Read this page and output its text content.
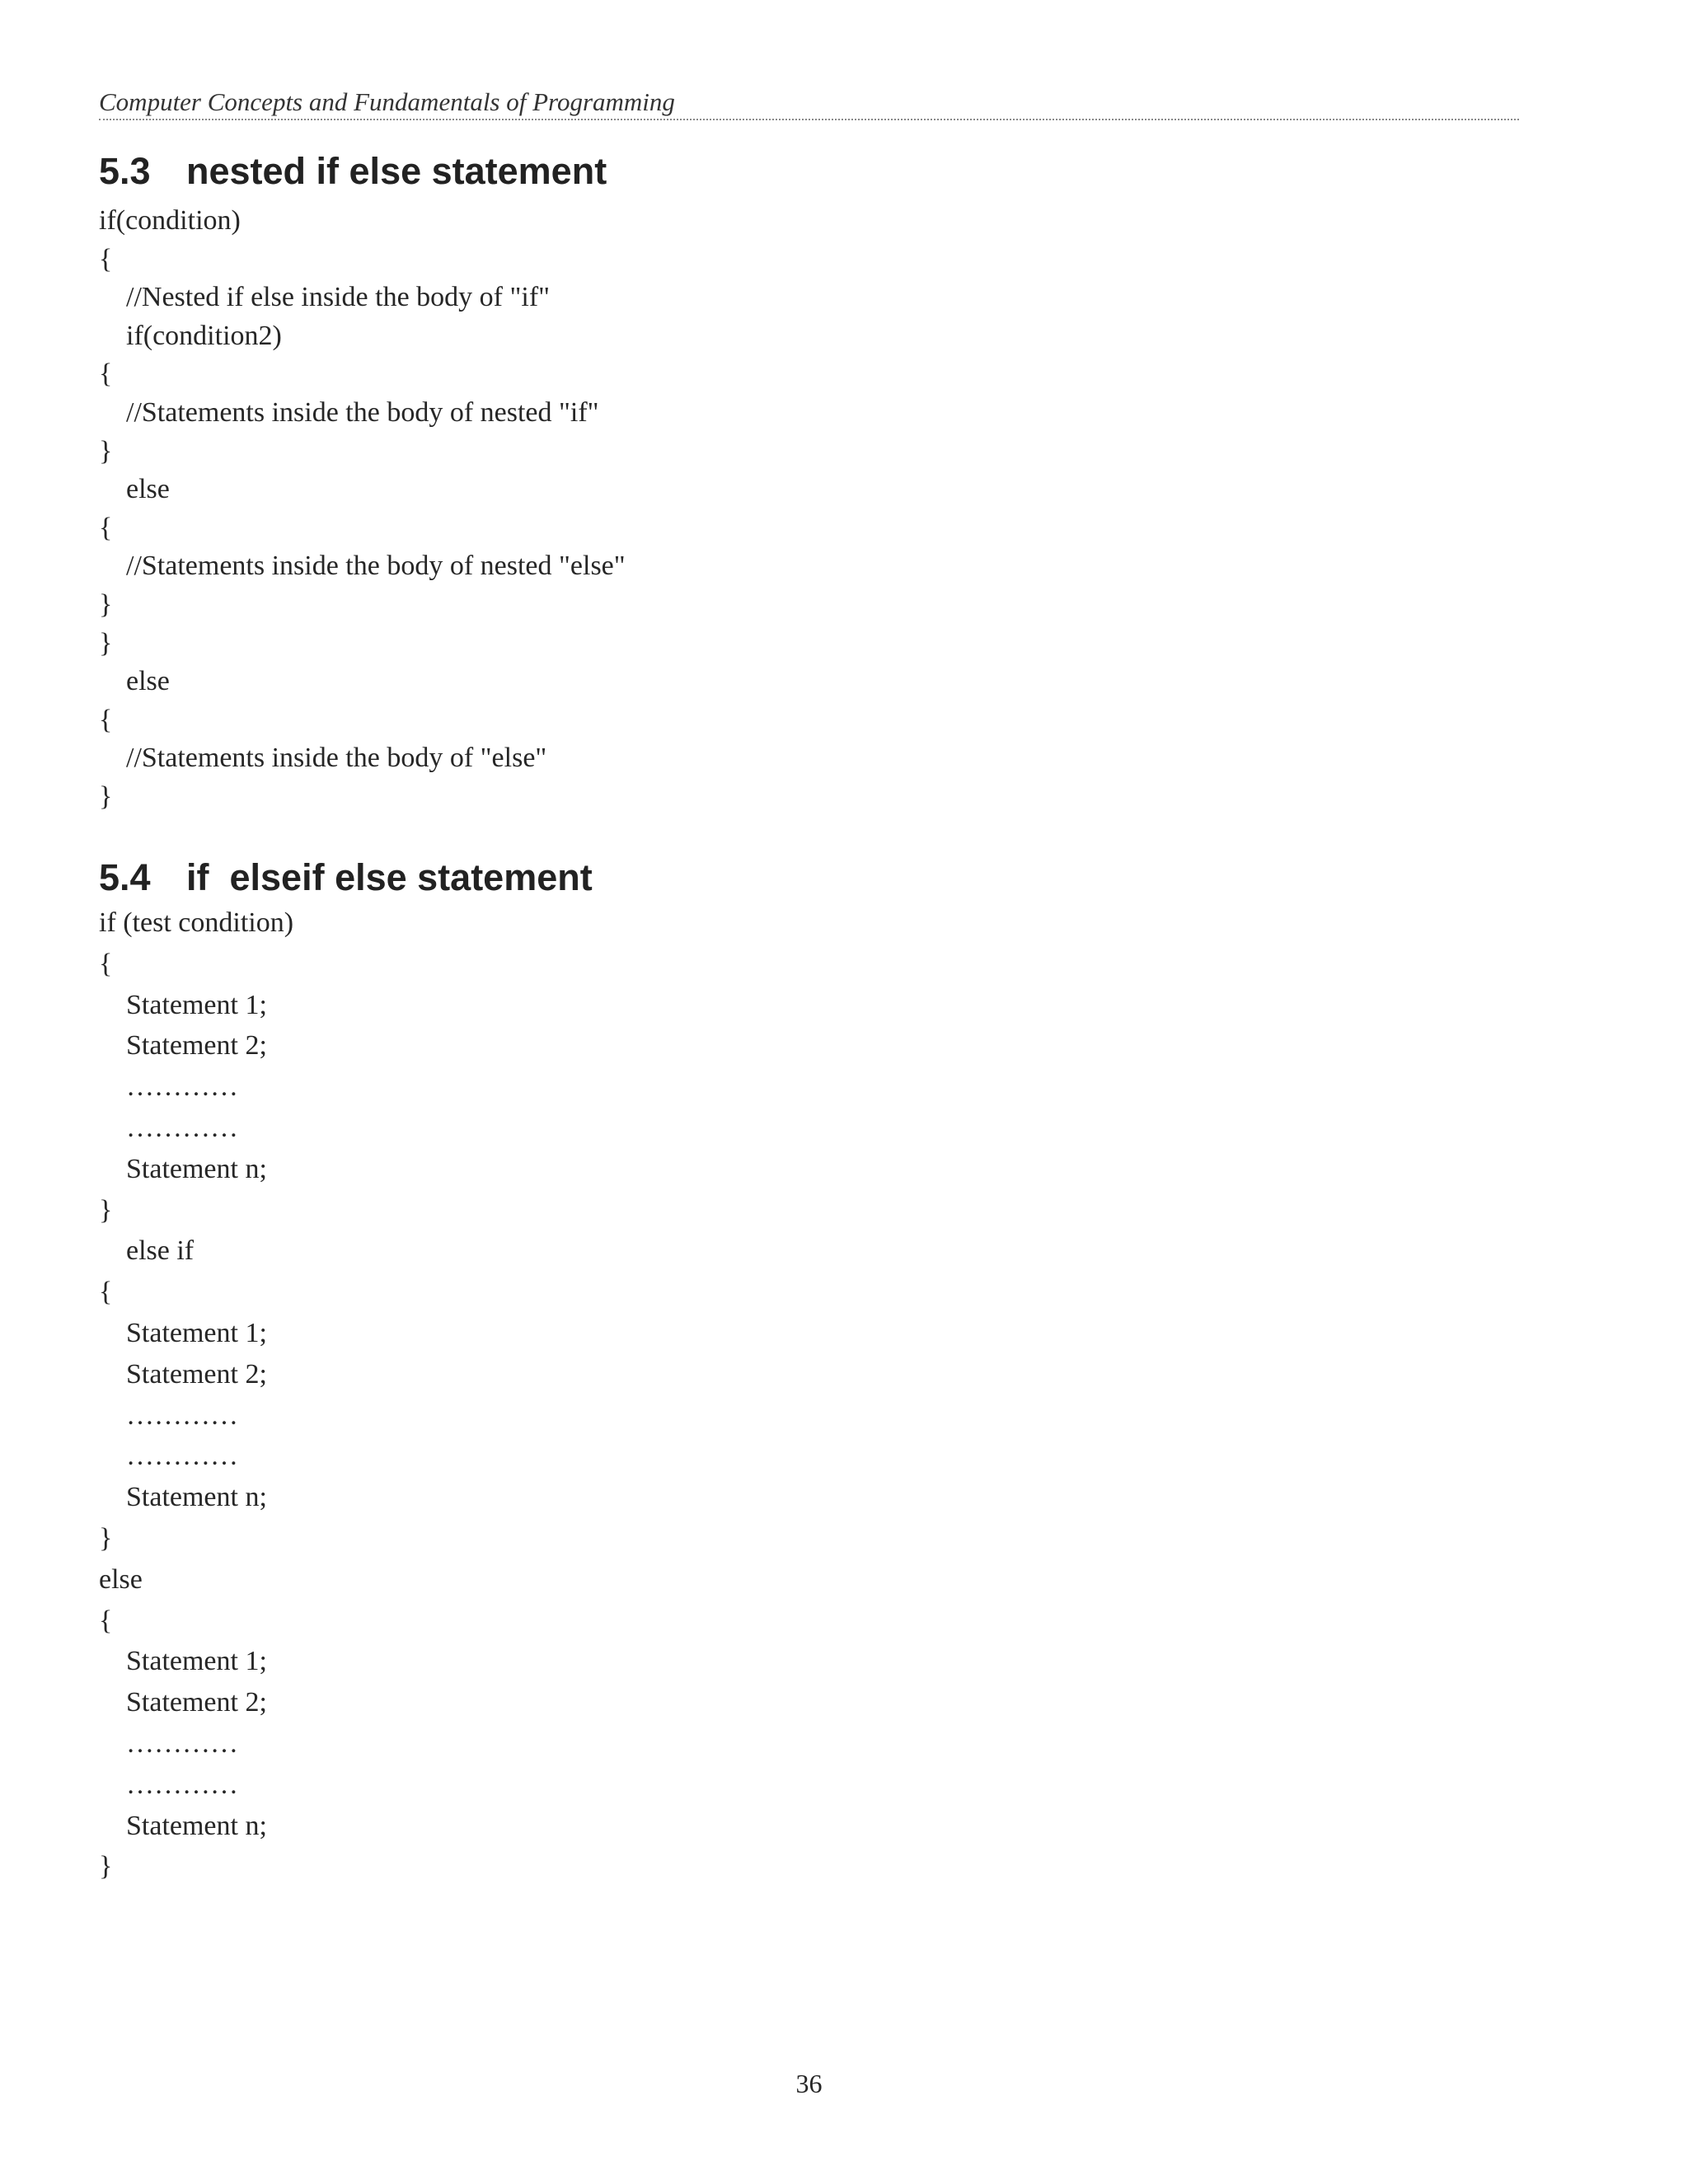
Computer Concepts and Fundamentals of Programming
5.3 nested if else statement
if(condition)
{
//Nested if else inside the body of "if"
if(condition2)
{
//Statements inside the body of nested "if"
}
else
{
//Statements inside the body of nested "else"
}
}
else
{
//Statements inside the body of "else"
}
5.4 if  elseif else statement
if (test condition)
{
Statement 1;
Statement 2;
…………
…………
Statement n;
}
else if
{
Statement 1;
Statement 2;
…………
…………
Statement n;
}
else
{
Statement 1;
Statement 2;
…………
…………
Statement n;
}
36
